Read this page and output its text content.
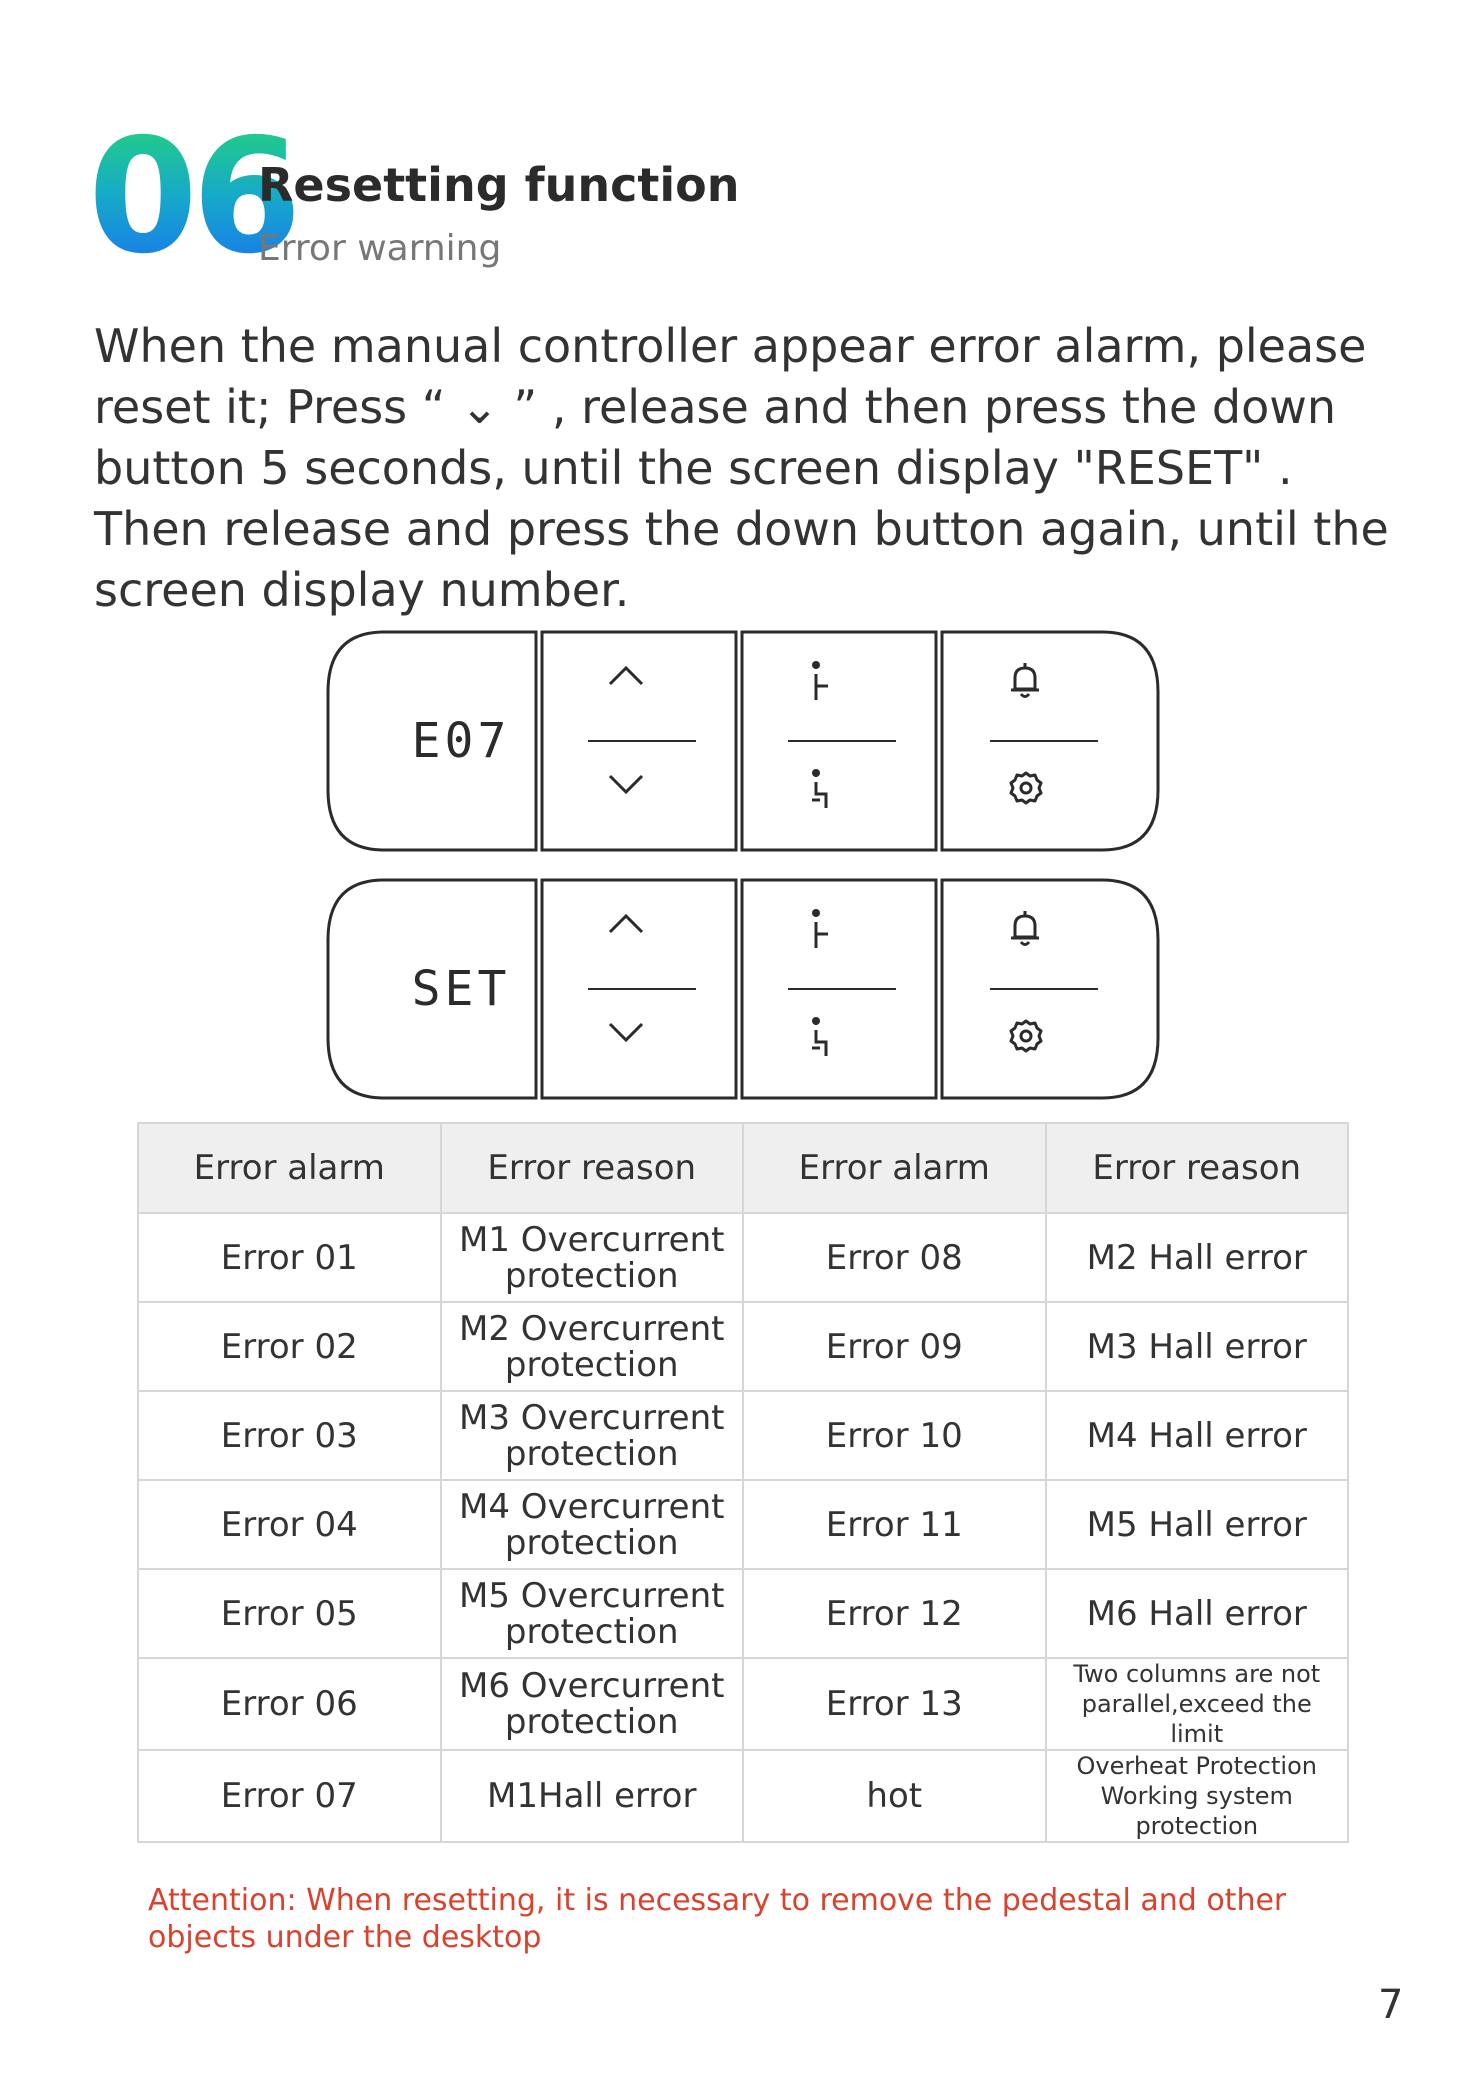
06
Resetting function
Error warning

When the manual controller appear error alarm, please
reset it; Press “ ⌄ ” , release and then press the down
button 5 seconds, until the screen display "RESET" .
Then release and press the down button again, until the
screen display number.

E07
SET
Error alarm	Error reason	Error alarm	Error reason
Error 01	M1 Overcurrent protection	Error 08	M2 Hall error
Error 02	M2 Overcurrent protection	Error 09	M3 Hall error
Error 03	M3 Overcurrent protection	Error 10	M4 Hall error
Error 04	M4 Overcurrent protection	Error 11	M5 Hall error
Error 05	M5 Overcurrent protection	Error 12	M6 Hall error
Error 06	M6 Overcurrent protection	Error 13	Two columns are not parallel,exceed the limit
Error 07	M1Hall error	hot	Overheat Protection Working system protection

Attention: When resetting, it is necessary to remove the pedestal and other objects under the desktop

7
